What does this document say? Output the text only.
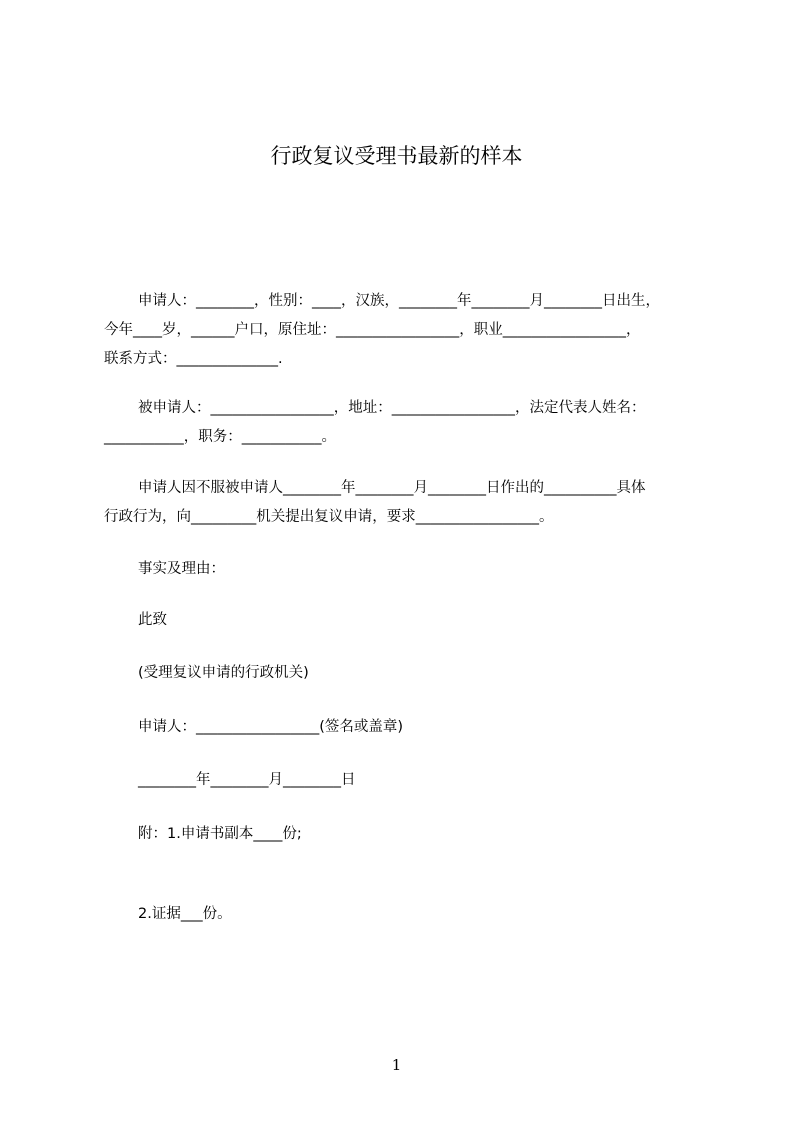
行政复议受理书最新的样本
申请人：________，性别：____，汉族，________年________月________日出生，
今年____岁，______户口，原住址：_________________，职业_________________，
联系方式：______________.
被申请人：_________________，地址：_________________，法定代表人姓名：
___________，职务：___________。
申请人因不服被申请人________年________月________日作出的__________具体
行政行为，向_________机关提出复议申请，要求_________________。
事实及理由：
此致
(受理复议申请的行政机关)
申请人：_________________(签名或盖章)
________年________月________日
附：1.申请书副本____份;
2.证据___份。
1
